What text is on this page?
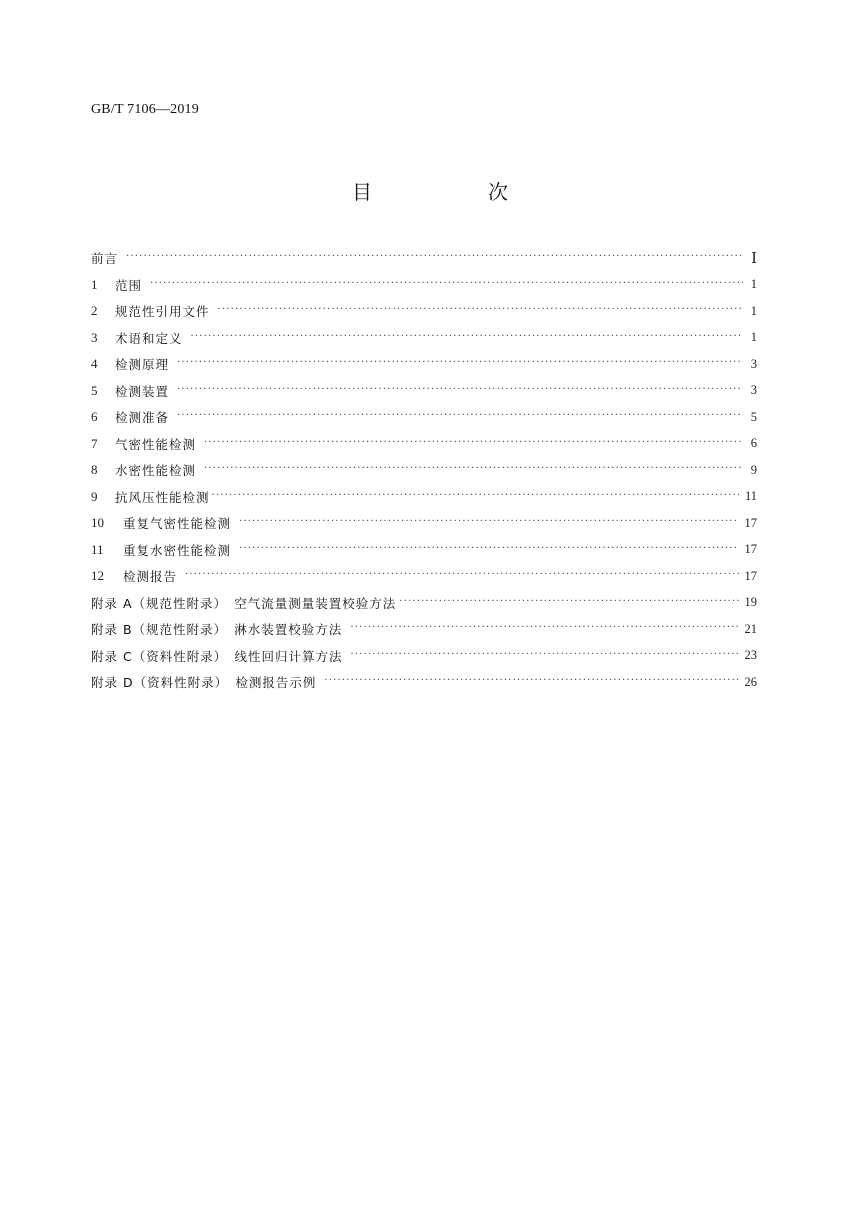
GB/T 7106—2019
目　次
前言 ·····	Ⅰ
1	范围 ·····	1
2	规范性引用文件 ·····	1
3	术语和定义 ·····	1
4	检测原理 ·····	3
5	检测装置 ·····	3
6	检测准备 ·····	5
7	气密性能检测 ·····	6
8	水密性能检测 ·····	9
9	抗风压性能检测 ·····	11
10	重复气密性能检测 ·····	17
11	重复水密性能检测 ·····	17
12	检测报告 ·····	17
附录 A（规范性附录）　空气流量测量装置校验方法 ·····	19
附录 B（规范性附录）　淋水装置校验方法 ·····	21
附录 C（资料性附录）　线性回归计算方法 ·····	23
附录 D（资料性附录）　检测报告示例 ·····	26
